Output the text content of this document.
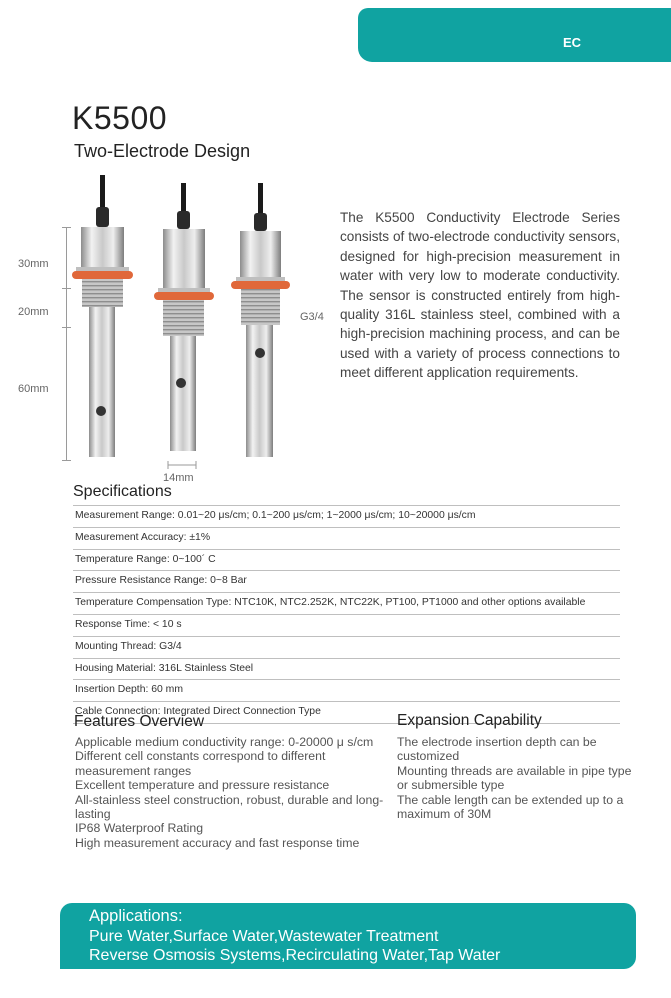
EC
K5500
Two-Electrode Design
30mm
20mm
60mm
G3/4
14mm
The K5500 Conductivity Electrode Series consists of two-electrode conductivity sensors, designed for high-precision measurement in water with very low to moderate conductivity. The sensor is constructed entirely from high-quality 316L stainless steel, combined with a high-precision machining process, and can be used with a variety of process connections to meet different application requirements.
Specifications
Measurement Range: 0.01~20 μs/cm; 0.1~200 μs/cm; 1~2000 μs/cm; 10~20000 μs/cm
Measurement Accuracy: ±1%
Temperature Range: 0~100´ C
Pressure Resistance Range: 0~8 Bar
Temperature Compensation Type: NTC10K, NTC2.252K, NTC22K, PT100, PT1000 and other options available
Response Time: < 10 s
Mounting Thread: G3/4
Housing Material: 316L Stainless Steel
Insertion Depth: 60 mm
Cable Connection: Integrated Direct Connection Type
Features Overview

Applicable medium conductivity range: 0-20000 μ s/cm

Different cell constants correspond to different measurement ranges

Excellent temperature and pressure resistance

All-stainless steel construction, robust, durable and long-lasting

IP68 Waterproof Rating

High measurement accuracy and fast response time

Expansion Capability

The electrode insertion depth can be customized

Mounting threads are available in pipe type or submersible type

The cable length can be extended up to a maximum of 30M

Applications:
Pure Water,Surface Water,Wastewater Treatment
Reverse Osmosis Systems,Recirculating Water,Tap Water
